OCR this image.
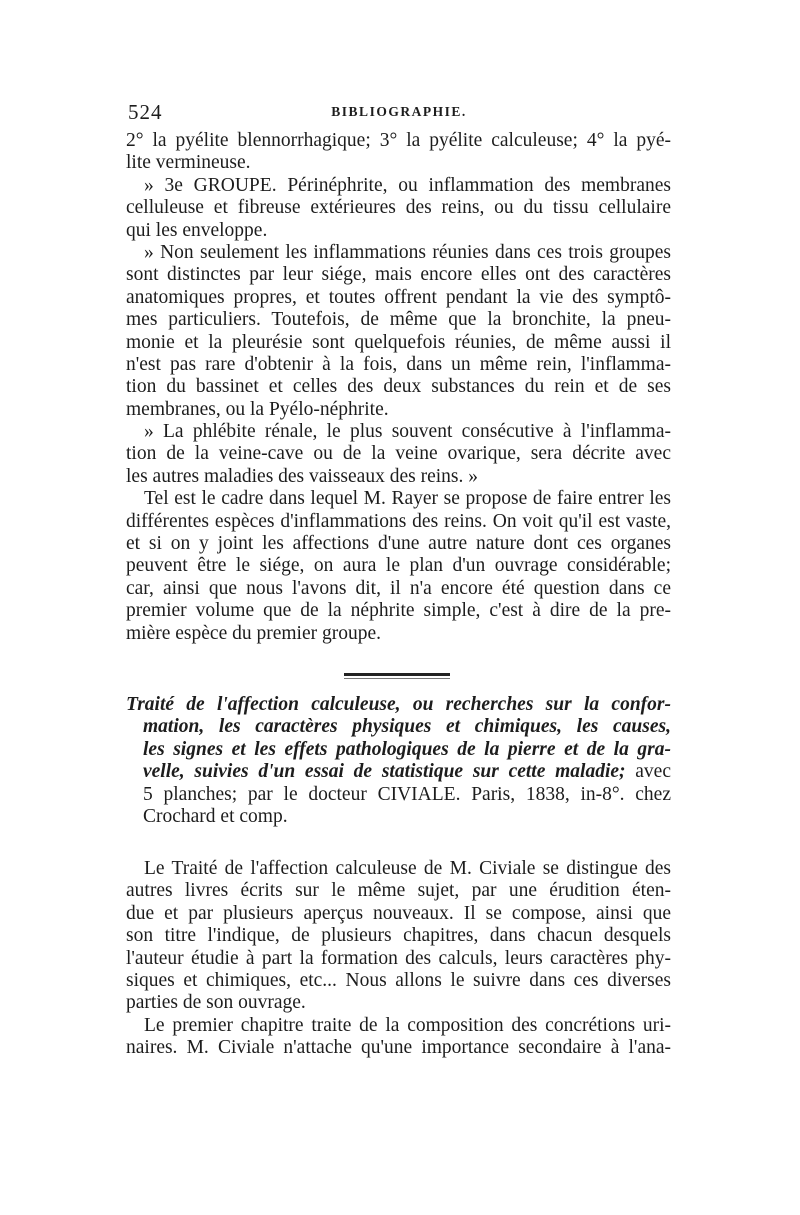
524	BIBLIOGRAPHIE.
2° la pyélite blennorrhagique; 3° la pyélite calculeuse; 4° la pyé-
lite vermineuse.
» 3e GROUPE. Périnéphrite, ou inflammation des membranes
celluleuse et fibreuse extérieures des reins, ou du tissu cellulaire
qui les enveloppe.
» Non seulement les inflammations réunies dans ces trois groupes
sont distinctes par leur siége, mais encore elles ont des caractères
anatomiques propres, et toutes offrent pendant la vie des symptô-
mes particuliers. Toutefois, de même que la bronchite, la pneu-
monie et la pleurésie sont quelquefois réunies, de même aussi il
n'est pas rare d'obtenir à la fois, dans un même rein, l'inflamma-
tion du bassinet et celles des deux substances du rein et de ses
membranes, ou la Pyélo-néphrite.
» La phlébite rénale, le plus souvent consécutive à l'inflamma-
tion de la veine-cave ou de la veine ovarique, sera décrite avec
les autres maladies des vaisseaux des reins. »
Tel est le cadre dans lequel M. Rayer se propose de faire entrer les
différentes espèces d'inflammations des reins. On voit qu'il est vaste,
et si on y joint les affections d'une autre nature dont ces organes
peuvent être le siége, on aura le plan d'un ouvrage considérable;
car, ainsi que nous l'avons dit, il n'a encore été question dans ce
premier volume que de la néphrite simple, c'est à dire de la pre-
mière espèce du premier groupe.
Traité de l'affection calculeuse, ou recherches sur la confor-
mation, les caractères physiques et chimiques, les causes,
les signes et les effets pathologiques de la pierre et de la gra-
velle, suivies d'un essai de statistique sur cette maladie; avec
5 planches; par le docteur CIVIALE. Paris, 1838, in-8°. chez
Crochard et comp.
Le Traité de l'affection calculeuse de M. Civiale se distingue des
autres livres écrits sur le même sujet, par une érudition éten-
due et par plusieurs aperçus nouveaux. Il se compose, ainsi que
son titre l'indique, de plusieurs chapitres, dans chacun desquels
l'auteur étudie à part la formation des calculs, leurs caractères phy-
siques et chimiques, etc... Nous allons le suivre dans ces diverses
parties de son ouvrage.
Le premier chapitre traite de la composition des concrétions uri-
naires. M. Civiale n'attache qu'une importance secondaire à l'ana-
